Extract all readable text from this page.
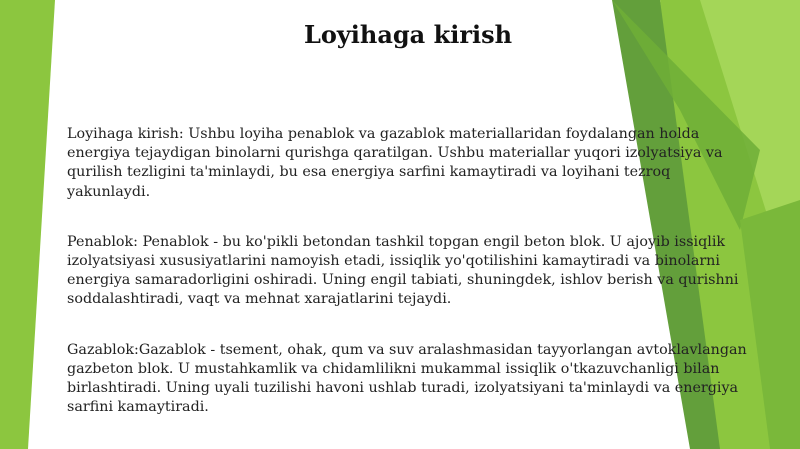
Loyihaga kirish

Loyihaga kirish: Ushbu loyiha penablok va gazablok materiallaridan foydalangan holda energiya tejaydigan binolarni qurishga qaratilgan. Ushbu materiallar yuqori izolyatsiya va qurilish tezligini ta'minlaydi, bu esa energiya sarfini kamaytiradi va loyihani tezroq yakunlaydi.

Penablok: Penablok - bu ko'pikli betondan tashkil topgan engil beton blok. U ajoyib issiqlik izolyatsiyasi xususiyatlarini namoyish etadi, issiqlik yo'qotilishini kamaytiradi va binolarni energiya samaradorligini oshiradi. Uning engil tabiati, shuningdek, ishlov berish va qurishni soddalashtiradi, vaqt va mehnat xarajatlarini tejaydi.

Gazablok:Gazablok - tsement, ohak, qum va suv aralashmasidan tayyorlangan avtoklavlangan gazbeton blok. U mustahkamlik va chidamlilikni mukammal issiqlik o'tkazuvchanligi bilan birlashtiradi. Uning uyali tuzilishi havoni ushlab turadi, izolyatsiyani ta'minlaydi va energiya sarfini kamaytiradi.
